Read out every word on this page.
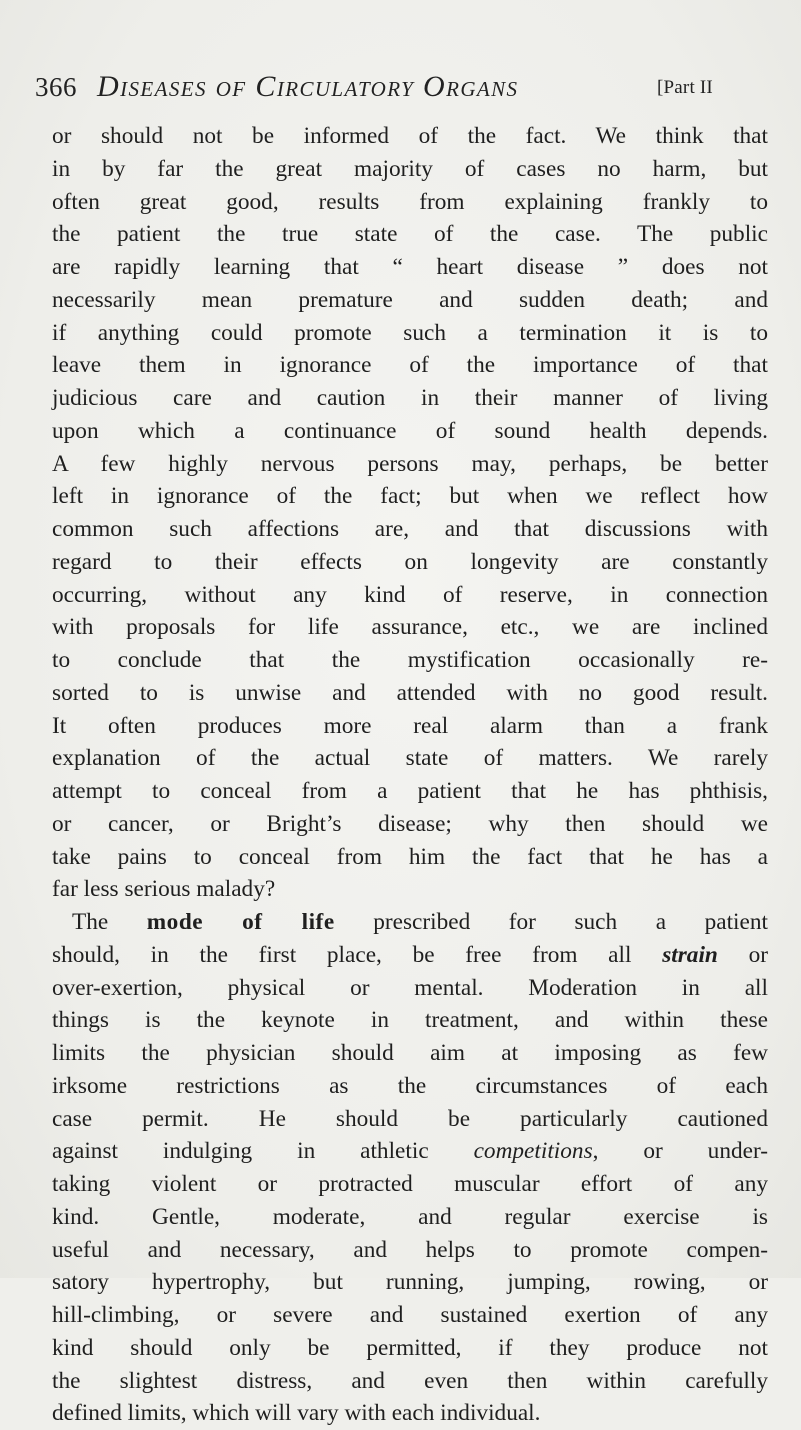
366 Diseases of Circulatory Organs	[Part II
or should not be informed of the fact. We think that
in by far the great majority of cases no harm, but
often great good, results from explaining frankly to
the patient the true state of the case. The public
are rapidly learning that “ heart disease ” does not
necessarily mean premature and sudden death; and
if anything could promote such a termination it is to
leave them in ignorance of the importance of that
judicious care and caution in their manner of living
upon which a continuance of sound health depends.
A few highly nervous persons may, perhaps, be better
left in ignorance of the fact; but when we reflect how
common such affections are, and that discussions with
regard to their effects on longevity are constantly
occurring, without any kind of reserve, in connection
with proposals for life assurance, etc., we are inclined
to conclude that the mystification occasionally re-
sorted to is unwise and attended with no good result.
It often produces more real alarm than a frank
explanation of the actual state of matters. We rarely
attempt to conceal from a patient that he has phthisis,
or cancer, or Bright’s disease; why then should we
take pains to conceal from him the fact that he has a
far less serious malady?
The mode of life prescribed for such a patient
should, in the first place, be free from all strain or
over-exertion, physical or mental. Moderation in all
things is the keynote in treatment, and within these
limits the physician should aim at imposing as few
irksome restrictions as the circumstances of each
case permit. He should be particularly cautioned
against indulging in athletic competitions, or under-
taking violent or protracted muscular effort of any
kind. Gentle, moderate, and regular exercise is
useful and necessary, and helps to promote compen-
satory hypertrophy, but running, jumping, rowing, or
hill-climbing, or severe and sustained exertion of any
kind should only be permitted, if they produce not
the slightest distress, and even then within carefully
defined limits, which will vary with each individual.
